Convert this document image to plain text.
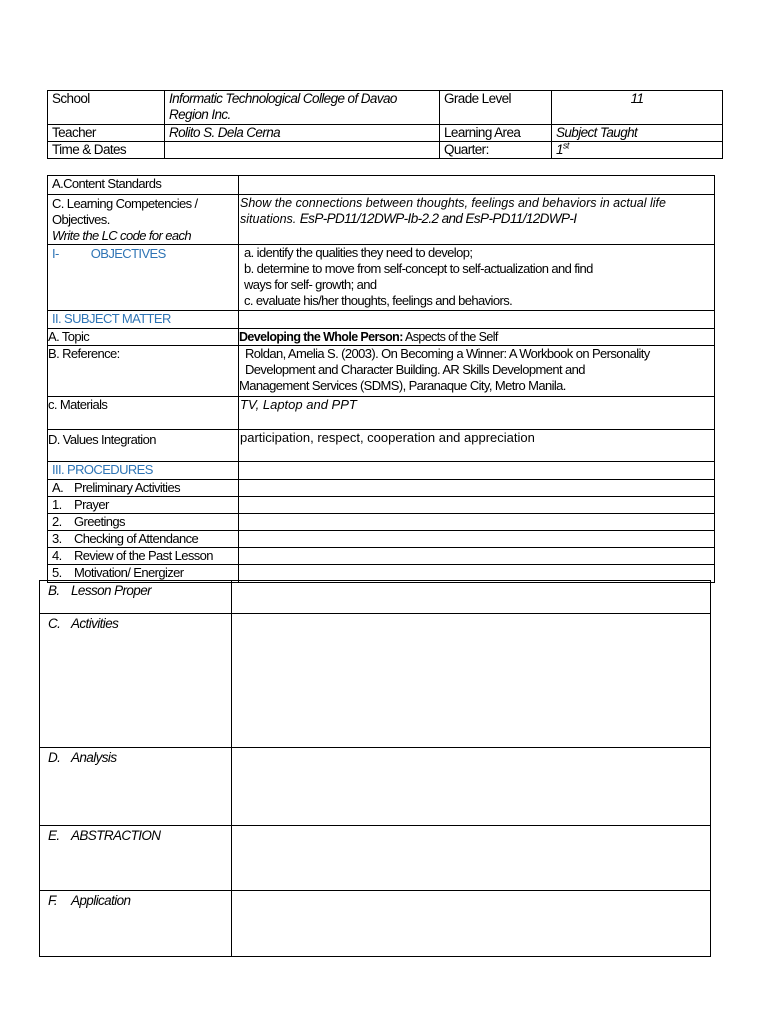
School	Informatic Technological College of Davao Region Inc.	Grade Level	11
Teacher	Rolito S. Dela Cerna	Learning Area	Subject Taught
Time & Dates		Quarter:	1st
A.Content Standards	

C. Learning Competencies / Objectives.
Write the LC code for each	Show the connections between thoughts, feelings and behaviors in actual life situations. EsP-PD11/12DWP-Ib-2.2 and EsP-PD11/12DWP-I
I- OBJECTIVES	a. identify the qualities they need to develop;
b. determine to move from self-concept to self-actualization and find
ways for self- growth; and
c. evaluate his/her thoughts, feelings and behaviors.

II. SUBJECT MATTER	
A. Topic	Developing the Whole Person: Aspects of the Self
B. Reference:	Roldan, Amelia S. (2003). On Becoming a Winner: A Workbook on Personality
Development and Character Building. AR Skills Development and
Management Services (SDMS), Paranaque City, Metro Manila.

c. Materials	TV, Laptop and PPT
D. Values Integration	participation, respect, cooperation and appreciation
III. PROCEDURES	
A. Preliminary Activities	
1. Prayer	
2. Greetings	
3. Checking of Attendance	
4. Review of the Past Lesson	
5. Motivation/ Energizer	
B. Lesson Proper	
C. Activities	
D. Analysis	
E. ABSTRACTION	
F. Application	
